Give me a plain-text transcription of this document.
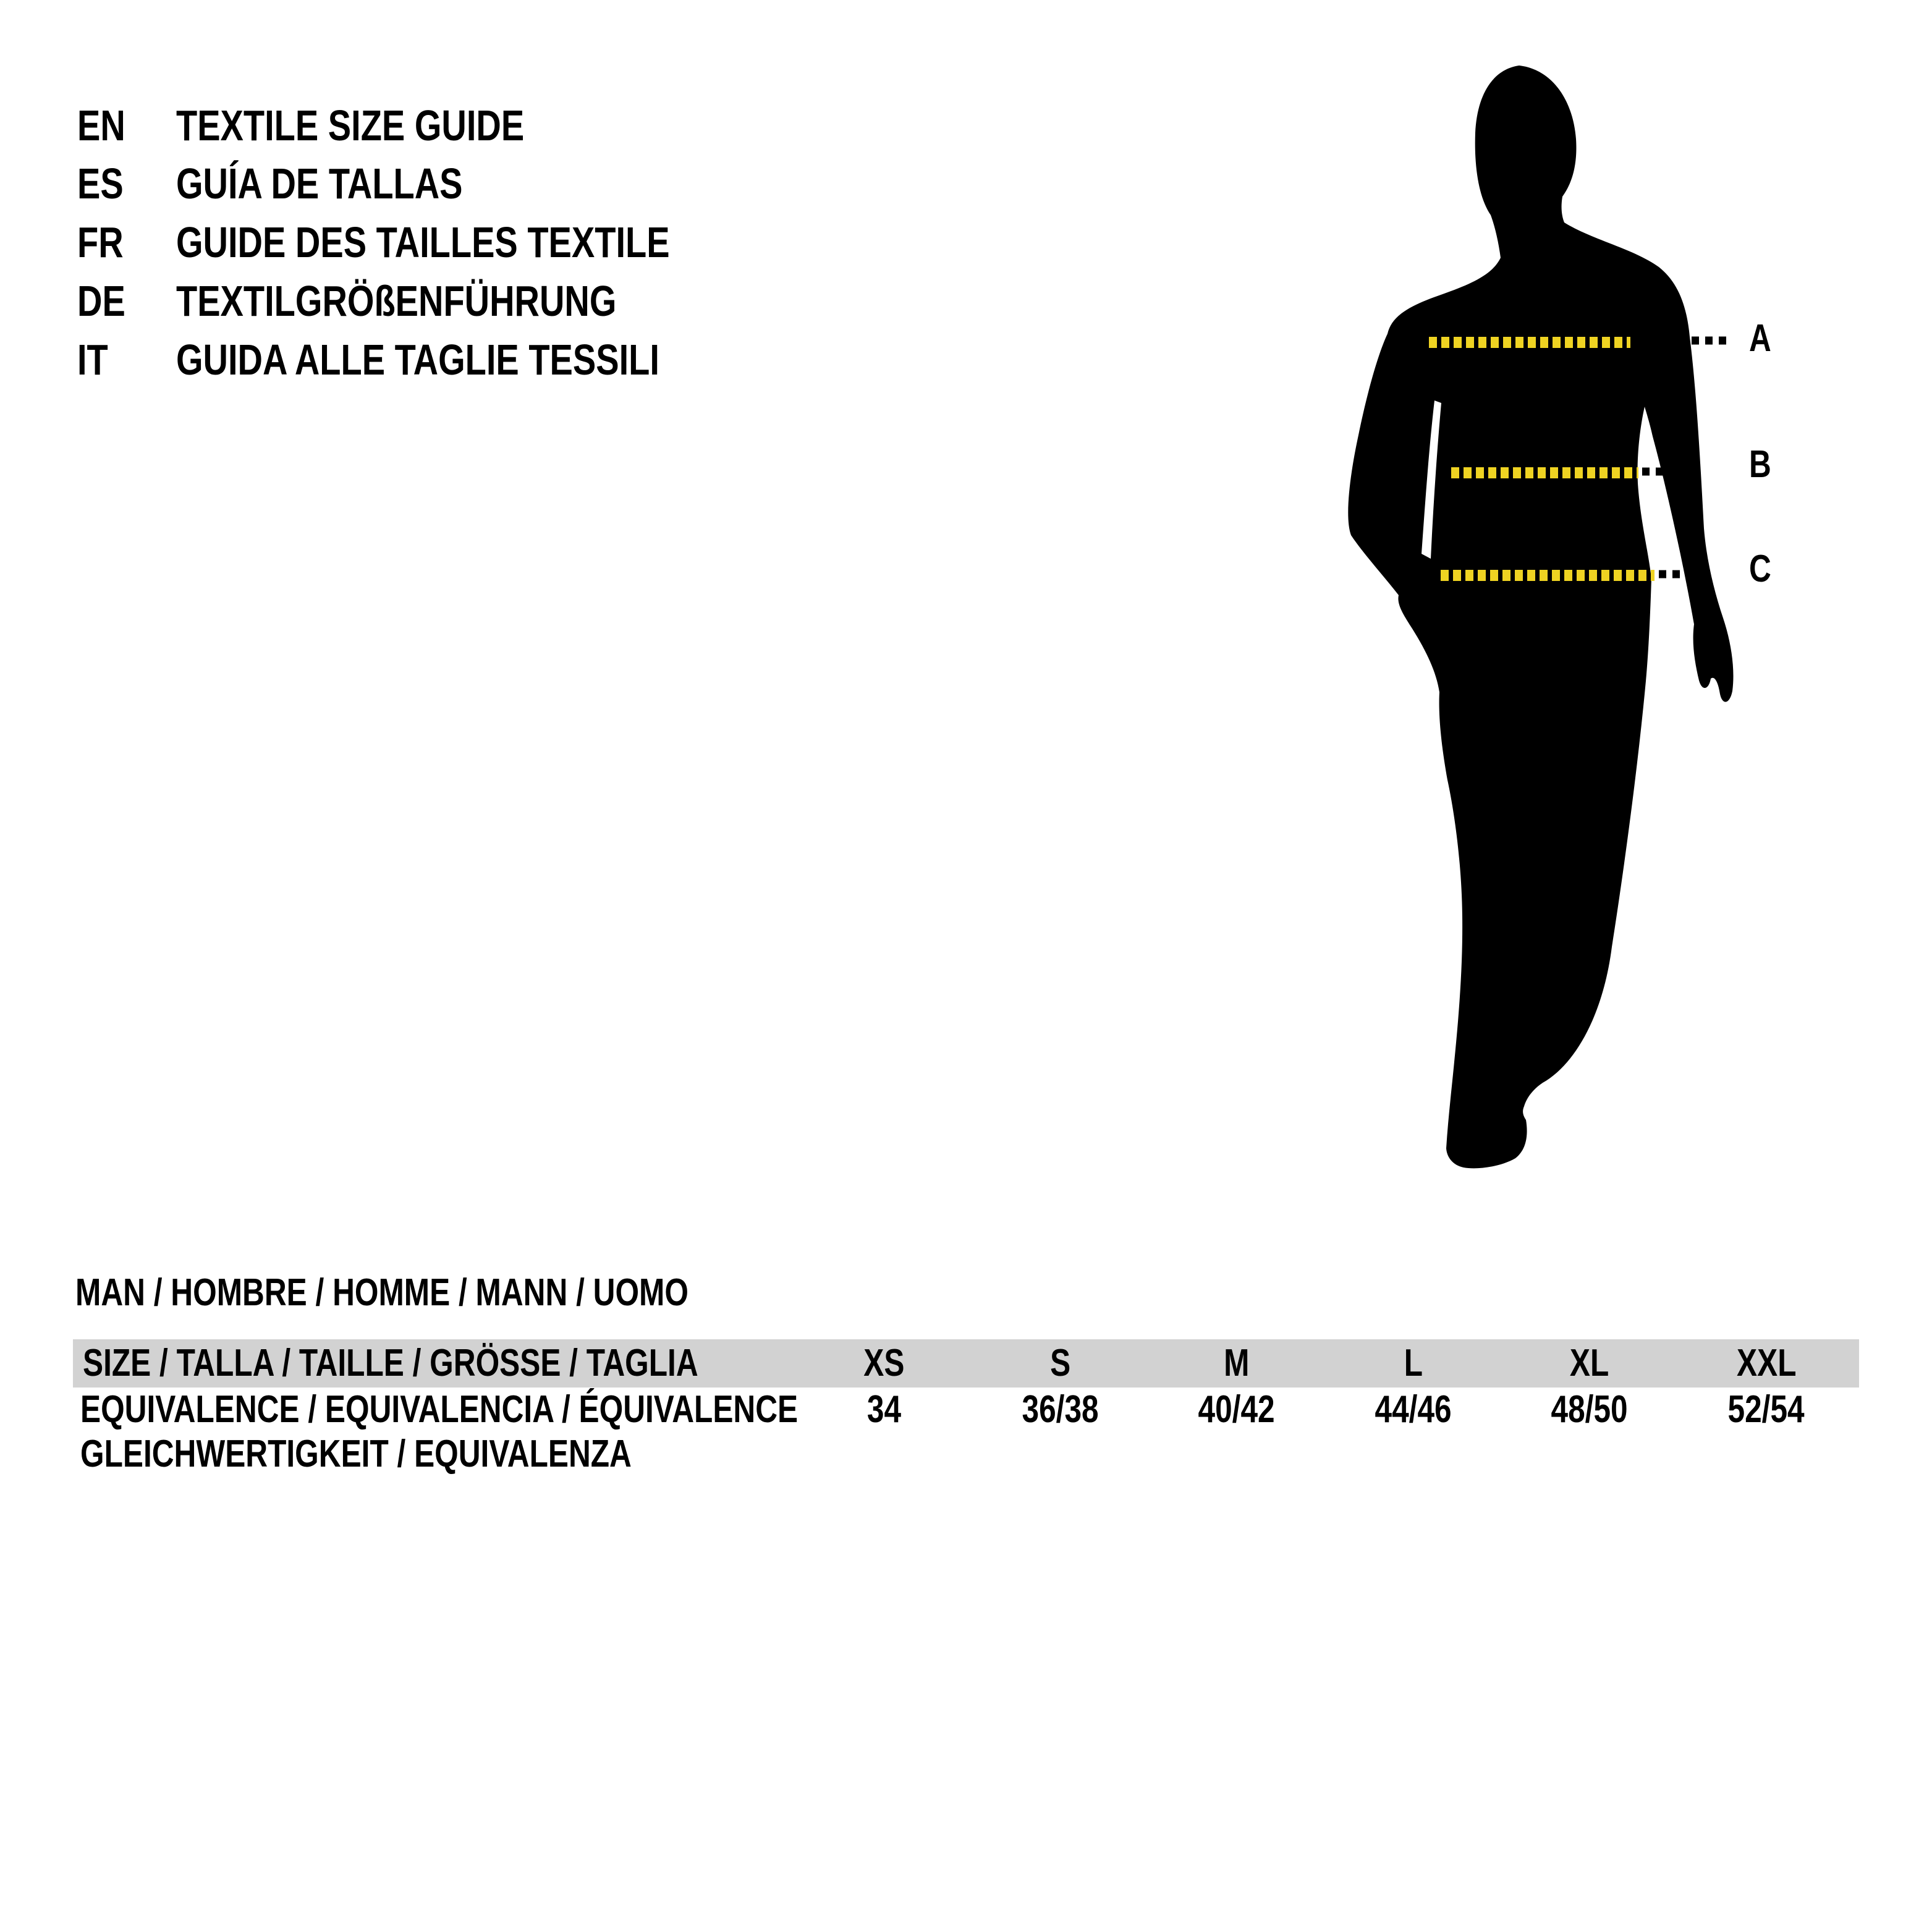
EN TEXTILE SIZE GUIDE
ES GUÍA DE TALLAS
FR GUIDE DES TAILLES TEXTILE
DE TEXTILGRÖßENFÜHRUNG
IT GUIDA ALLE TAGLIE TESSILI	A
B
C
MAN / HOMBRE / HOMME / MANN / UOMO
SIZE / TALLA / TAILLE / GRÖSSE / TAGLIA	XS	S	M	L	XL	XXL
EQUIVALENCE / EQUIVALENCIA / ÉQUIVALENCE	34	36/38	40/42	44/46	48/50	52/54
GLEICHWERTIGKEIT / EQUIVALENZA
